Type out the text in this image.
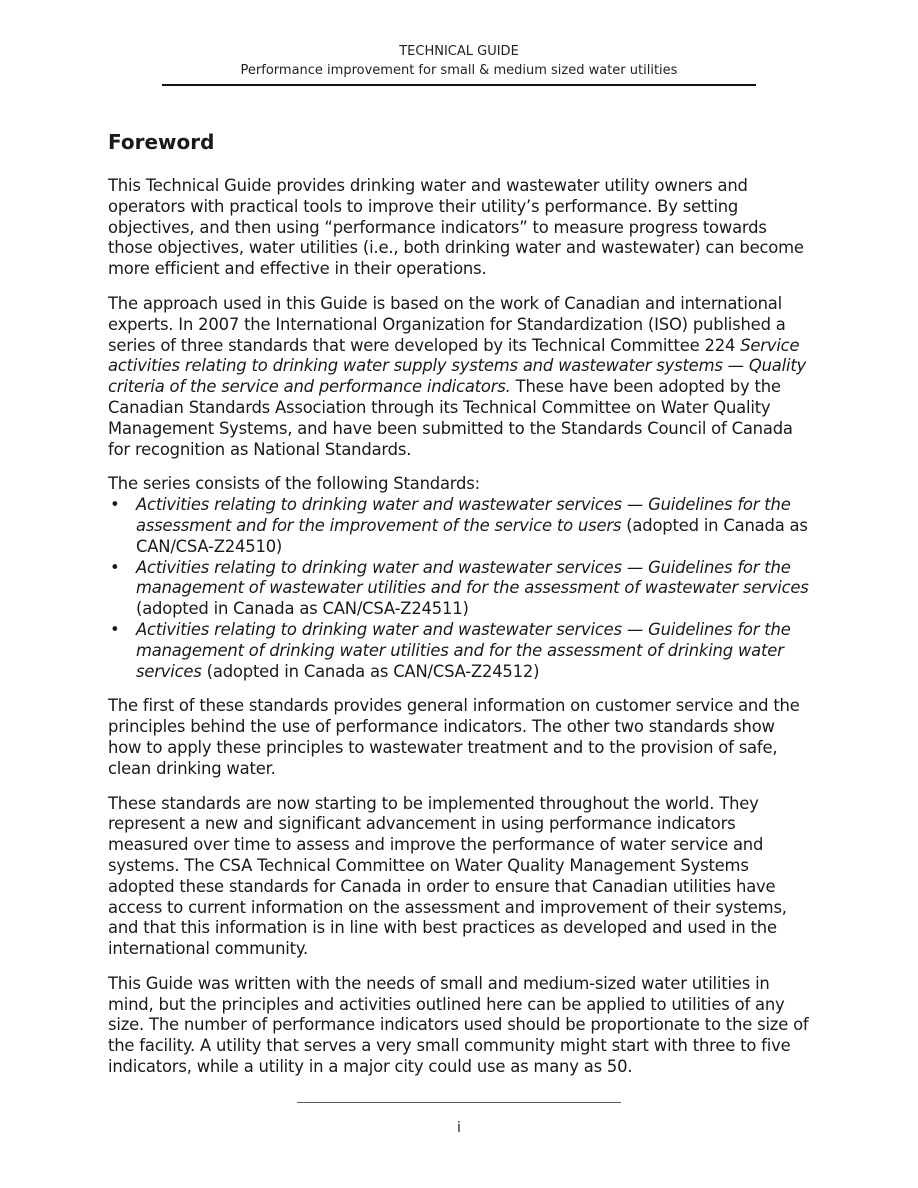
TECHNICAL GUIDE
Performance improvement for small & medium sized water utilities
Foreword

This Technical Guide provides drinking water and wastewater utility owners and operators with practical tools to improve their utility’s performance. By setting objectives, and then using “performance indicators” to measure progress towards those objectives, water utilities (i.e., both drinking water and wastewater) can become more efficient and effective in their operations.

The approach used in this Guide is based on the work of Canadian and international experts. In 2007 the International Organization for Standardization (ISO) published a series of three standards that were developed by its Technical Committee 224 Service activities relating to drinking water supply systems and wastewater systems — Quality criteria of the service and performance indicators. These have been adopted by the Canadian Standards Association through its Technical Committee on Water Quality Management Systems, and have been submitted to the Standards Council of Canada for recognition as National Standards.

The series consists of the following Standards:

• Activities relating to drinking water and wastewater services — Guidelines for the assessment and for the improvement of the service to users (adopted in Canada as CAN/CSA-Z24510)
• Activities relating to drinking water and wastewater services — Guidelines for the management of wastewater utilities and for the assessment of wastewater services (adopted in Canada as CAN/CSA-Z24511)
• Activities relating to drinking water and wastewater services — Guidelines for the management of drinking water utilities and for the assessment of drinking water services (adopted in Canada as CAN/CSA-Z24512)

The first of these standards provides general information on customer service and the principles behind the use of performance indicators. The other two standards show how to apply these principles to wastewater treatment and to the provision of safe, clean drinking water.

These standards are now starting to be implemented throughout the world. They represent a new and significant advancement in using performance indicators measured over time to assess and improve the performance of water service and systems. The CSA Technical Committee on Water Quality Management Systems adopted these standards for Canada in order to ensure that Canadian utilities have access to current information on the assessment and improvement of their systems, and that this information is in line with best practices as developed and used in the international community.

This Guide was written with the needs of small and medium-sized water utilities in mind, but the principles and activities outlined here can be applied to utilities of any size. The number of performance indicators used should be proportionate to the size of the facility. A utility that serves a very small community might start with three to five indicators, while a utility in a major city could use as many as 50.

i
